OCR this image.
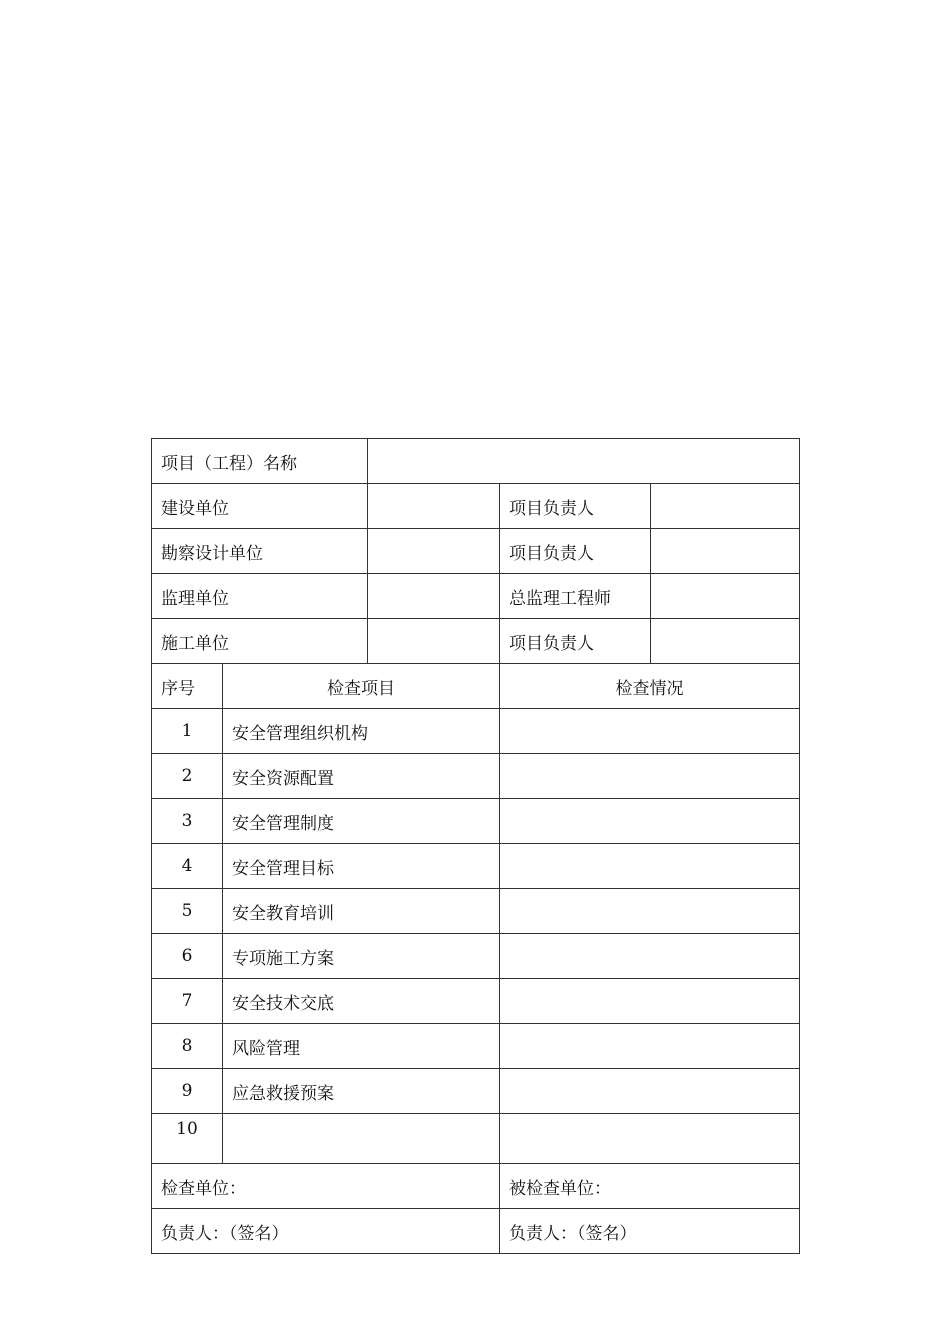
项目（工程）名称				
建设单位			项目负责人	
勘察设计单位			项目负责人	
监理单位			总监理工程师	
施工单位			项目负责人	
序号	检查项目		检查情况	
1	安全管理组织机构			
2	安全资源配置			
3	安全管理制度			
4	安全管理目标			
5	安全教育培训			
6	专项施工方案			
7	安全技术交底			
8	风险管理			
9	应急救援预案			
10				
检查单位：			被检查单位：	
负责人：（签名）			负责人：（签名）	
